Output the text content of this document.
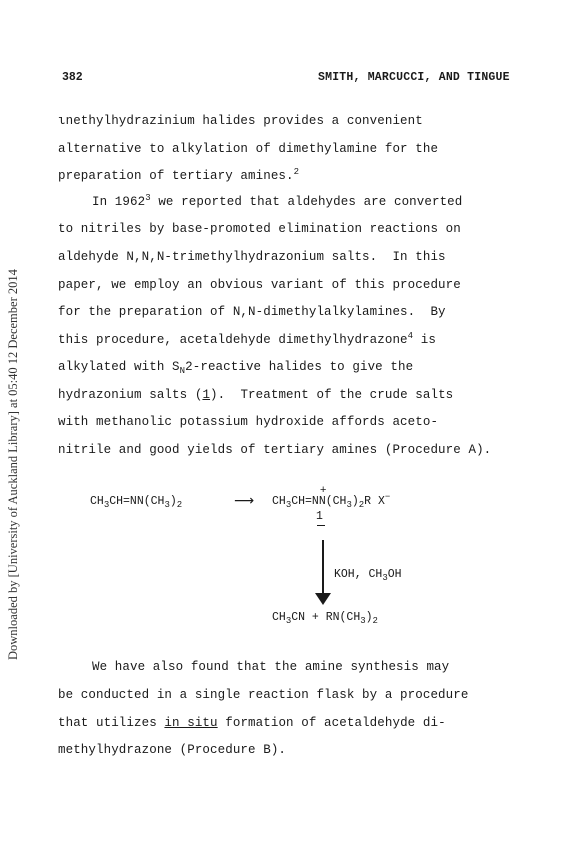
382	SMITH, MARCUCCI, AND TINGUE
Downloaded by [University of Auckland Library] at 05:40 12 December 2014
ιnethylhydrazinium halides provides a convenient
alternative to alkylation of dimethylamine for the
preparation of tertiary amines.$^2$
In 1962$^3$ we reported that aldehydes are converted
to nitriles by base-promoted elimination reactions on
aldehyde N,N,N-trimethylhydrazonium salts.  In this
paper, we employ an obvious variant of this procedure
for the preparation of N,N-dimethylalkylamines.  By
this procedure, acetaldehyde dimethylhydrazone$^4$ is
alkylated with $S_N2$-reactive halides to give the
hydrazonium salts (1).  Treatment of the crude salts
with methanolic potassium hydroxide affords aceto-
nitrile and good yields of tertiary amines (Procedure A).
$CH_3CH=NN(CH_3)_2$	⟶ $CH_3CH=NN$
+
$(CH_3)_2R$ X−
1
KOH, $CH_3OH$
$CH_3CN + RN(CH_3)_2$
We have also found that the amine synthesis may
be conducted in a single reaction flask by a procedure
that utilizes in situ formation of acetaldehyde di-
methylhydrazone (Procedure B).
